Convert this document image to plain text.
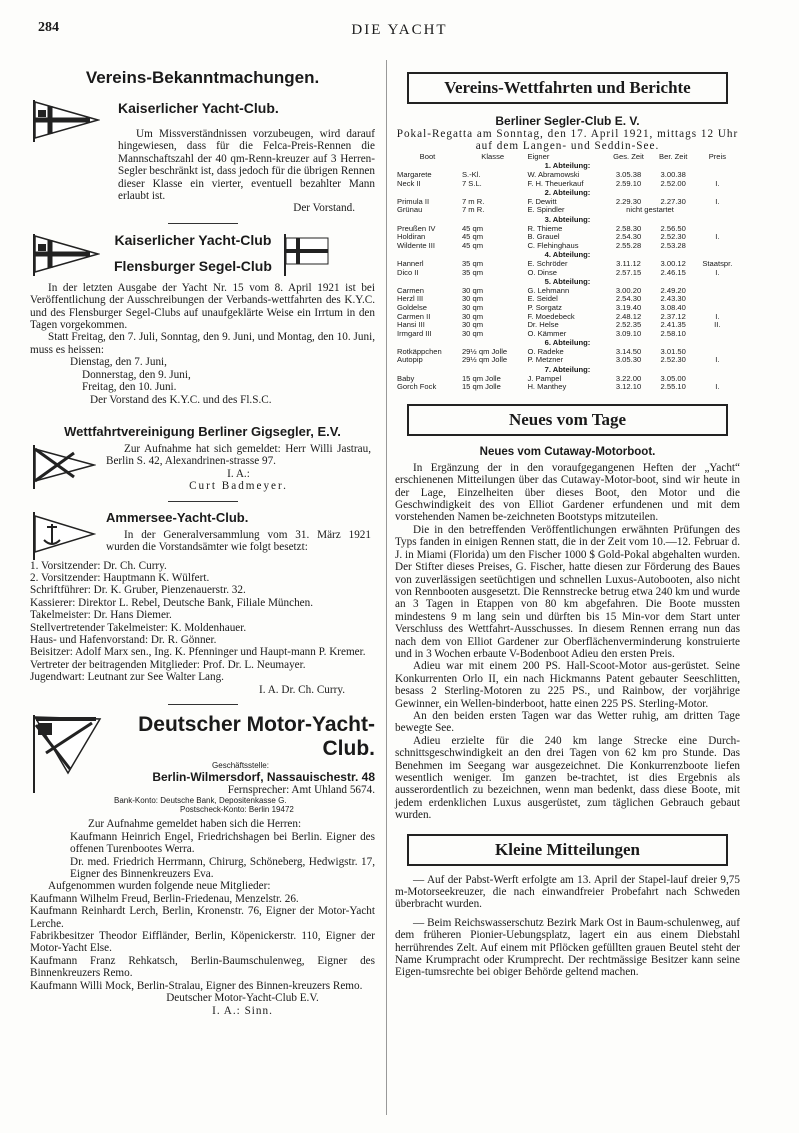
284	DIE YACHT
Vereins-Bekanntmachungen.
Kaiserlicher Yacht-Club.

Um Missverständnissen vorzubeugen, wird darauf hingewiesen, dass für die Felca-Preis-Rennen die Mannschaftszahl der 40 qm-Renn-kreuzer auf 3 Herren-Segler beschränkt ist, dass jedoch für die übrigen Rennen dieser Klasse ein vierter, eventuell bezahlter Mann erlaubt ist.

Der Vorstand.

Kaiserlicher Yacht-Club
Flensburger Segel-Club

In der letzten Ausgabe der Yacht Nr. 15 vom 8. April 1921 ist bei Veröffentlichung der Ausschreibungen der Verbands-wettfahrten des K.Y.C. und des Flensburger Segel-Clubs auf unaufgeklärte Weise ein Irrtum in den Tagen vorgekommen.

Statt Freitag, den 7. Juli, Sonntag, den 9. Juni, und Montag, den 10. Juni, muss es heissen:

Dienstag, den 7. Juni,

Donnerstag, den 9. Juni,

Freitag, den 10. Juni.

Der Vorstand des K.Y.C. und des Fl.S.C.

Wettfahrtvereinigung Berliner Gigsegler, E.V.

Zur Aufnahme hat sich gemeldet: Herr Willi Jastrau, Berlin S. 42, Alexandrinen-strasse 97.

I. A.:

Curt Badmeyer.

Ammersee-Yacht-Club.

In der Generalversammlung vom 31. März 1921 wurden die Vorstandsämter wie folgt besetzt:

1. Vorsitzender: Dr. Ch. Curry.

2. Vorsitzender: Hauptmann K. Wülfert.

Schriftführer: Dr. K. Gruber, Pienzenauerstr. 32.

Kassierer: Direktor L. Rebel, Deutsche Bank, Filiale München.

Takelmeister: Dr. Hans Diemer.

Stellvertretender Takelmeister: K. Moldenhauer.

Haus- und Hafenvorstand: Dr. R. Gönner.

Beisitzer: Adolf Marx sen., Ing. K. Pfenninger und Haupt-mann P. Kremer.

Vertreter der beitragenden Mitglieder: Prof. Dr. L. Neumayer.

Jugendwart: Leutnant zur See Walter Lang.

I. A. Dr. Ch. Curry.

Deutscher Motor-Yacht-Club.
Geschäftsstelle:
Berlin-Wilmersdorf, Nassauischestr. 48
Fernsprecher: Amt Uhland 5674.

Bank-Konto: Deutsche Bank, Depositenkasse G.

Postscheck-Konto: Berlin 19472

Zur Aufnahme gemeldet haben sich die Herren:

Kaufmann Heinrich Engel, Friedrichshagen bei Berlin. Eigner des offenen Turenbootes Werra.

Dr. med. Friedrich Herrmann, Chirurg, Schöneberg, Hedwigstr. 17, Eigner des Binnenkreuzers Eva.

Aufgenommen wurden folgende neue Mitglieder:

Kaufmann Wilhelm Freud, Berlin-Friedenau, Menzelstr. 26.

Kaufmann Reinhardt Lerch, Berlin, Kronenstr. 76, Eigner der Motor-Yacht Lerche.

Fabrikbesitzer Theodor Eiffländer, Berlin, Köpenickerstr. 110, Eigner der Motor-Yacht Else.

Kaufmann Franz Rehkatsch, Berlin-Baumschulenweg, Eigner des Binnenkreuzers Remo.

Kaufmann Willi Mock, Berlin-Stralau, Eigner des Binnen-kreuzers Remo.

Deutscher Motor-Yacht-Club E.V.

I. A.: Sinn.

Vereins-Wettfahrten und Berichte
Berliner Segler-Club E. V.

Pokal-Regatta am Sonntag, den 17. April 1921, mittags 12 Uhr auf dem Langen- und Seddin-See.

Boot	Klasse	Eigner	Ges. Zeit	Ber. Zeit	Preis
1. Abteilung:					
Margarete	S.-Kl.	W. Abramowski	3.05.38	3.00.38	
Neck II	7 S.L.	F. H. Theuerkauf	2.59.10	2.52.00	I.
2. Abteilung:					
Primula II	7 m R.	F. Dewitt	2.29.30	2.27.30	I.
Grünau	7 m R.	E. Spindler	nicht gestartet		
3. Abteilung:					
Preußen IV	45 qm	R. Thieme	2.58.30	2.56.50	
Holdiran	45 qm	B. Grauel	2.54.30	2.52.30	I.
Wildente III	45 qm	C. Flehinghaus	2.55.28	2.53.28	
4. Abteilung:					
Hannerl	35 qm	E. Schröder	3.11.12	3.00.12	Staatspr.
Dico II	35 qm	O. Dinse	2.57.15	2.46.15	I.
5. Abteilung:					
Carmen	30 qm	G. Lehmann	3.00.20	2.49.20	
Herzl III	30 qm	E. Seidel	2.54.30	2.43.30	
Goldelse	30 qm	P. Sorgatz	3.19.40	3.08.40	
Carmen II	30 qm	F. Moedebeck	2.48.12	2.37.12	I.
Hansi III	30 qm	Dr. Helse	2.52.35	2.41.35	II.
Irmgard III	30 qm	O. Kämmer	3.09.10	2.58.10	
6. Abteilung:					
Rotkäppchen	29½ qm Jolle	O. Radeke	3.14.50	3.01.50	
Autopip	29½ qm Jolle	P. Metzner	3.05.30	2.52.30	I.
7. Abteilung:					
Baby	15 qm Jolle	J. Pampel	3.22.00	3.05.00	
Gorch Fock	15 qm Jolle	H. Manthey	3.12.10	2.55.10	I.
Neues vom Tage
Neues vom Cutaway-Motorboot.

In Ergänzung der in den voraufgegangenen Heften der „Yacht“ erschienenen Mitteilungen über das Cutaway-Motor-boot, sind wir heute in der Lage, Einzelheiten über dieses Boot, den Motor und die Geschwindigkeit des von Elliot Gardener erfundenen und mit dem vorstehenden Namen be-zeichneten Bootstyps mitzuteilen.

Die in den betreffenden Veröffentlichungen erwähnten Prüfungen des Typs fanden in einigen Rennen statt, die in der Zeit vom 10.—12. Februar d. J. in Miami (Florida) um den Fischer 1000 $ Gold-Pokal abgehalten wurden. Der Stifter dieses Preises, G. Fischer, hatte diesen zur Förderung des Baues von zuverlässigen seetüchtigen und schnellen Luxus-Autobooten, also nicht von Rennbooten ausgesetzt. Die Rennstrecke betrug etwa 240 km und wurde an 3 Tagen in Etappen von 80 km abgefahren. Die Boote mussten mindestens 9 m lang sein und dürften bis 15 Min-vor dem Start unter Verschluss des Wettfahrt-Ausschusses. In diesem Rennen errang nun das nach dem von Elliot Gardener zur Oberflächenverminderung konstruierte und in 3 Wochen erbaute V-Bodenboot Adieu den ersten Preis.

Adieu war mit einem 200 PS. Hall-Scoot-Motor aus-gerüstet. Seine Konkurrenten Orlo II, ein nach Hickmanns Patent gebauter Seeschlitten, besass 2 Sterling-Motoren zu 225 PS., und Rainbow, der vorjährige Gewinner, ein Wellen-binderboot, hatte einen 225 PS. Sterling-Motor.

An den beiden ersten Tagen war das Wetter ruhig, am dritten Tage bewegte See.

Adieu erzielte für die 240 km lange Strecke eine Durch-schnittsgeschwindigkeit an den drei Tagen von 62 km pro Stunde. Das Benehmen im Seegang war ausgezeichnet. Die Konkurrenzboote liefen wesentlich weniger. Im ganzen be-trachtet, ist dies Ergebnis als ausserordentlich zu bezeichnen, wenn man bedenkt, dass diese Boote, mit jedem erdenklichen Luxus ausgerüstet, zum täglichen Gebrauch gebaut wurden.

Kleine Mitteilungen

— Auf der Pabst-Werft erfolgte am 13. April der Stapel-lauf dreier 9,75 m-Motorseekreuzer, die nach einwandfreier Probefahrt nach Schweden überbracht wurden.

— Beim Reichswasserschutz Bezirk Mark Ost in Baum-schulenweg, auf dem früheren Pionier-Uebungsplatz, lagert ein aus einem Diebstahl herrührendes Zelt. Auf einem mit Pflöcken gefüllten grauen Beutel steht der Name Krumpracht oder Krumprecht. Der rechtmässige Besitzer kann seine Eigen-tumsrechte bei obiger Behörde geltend machen.
